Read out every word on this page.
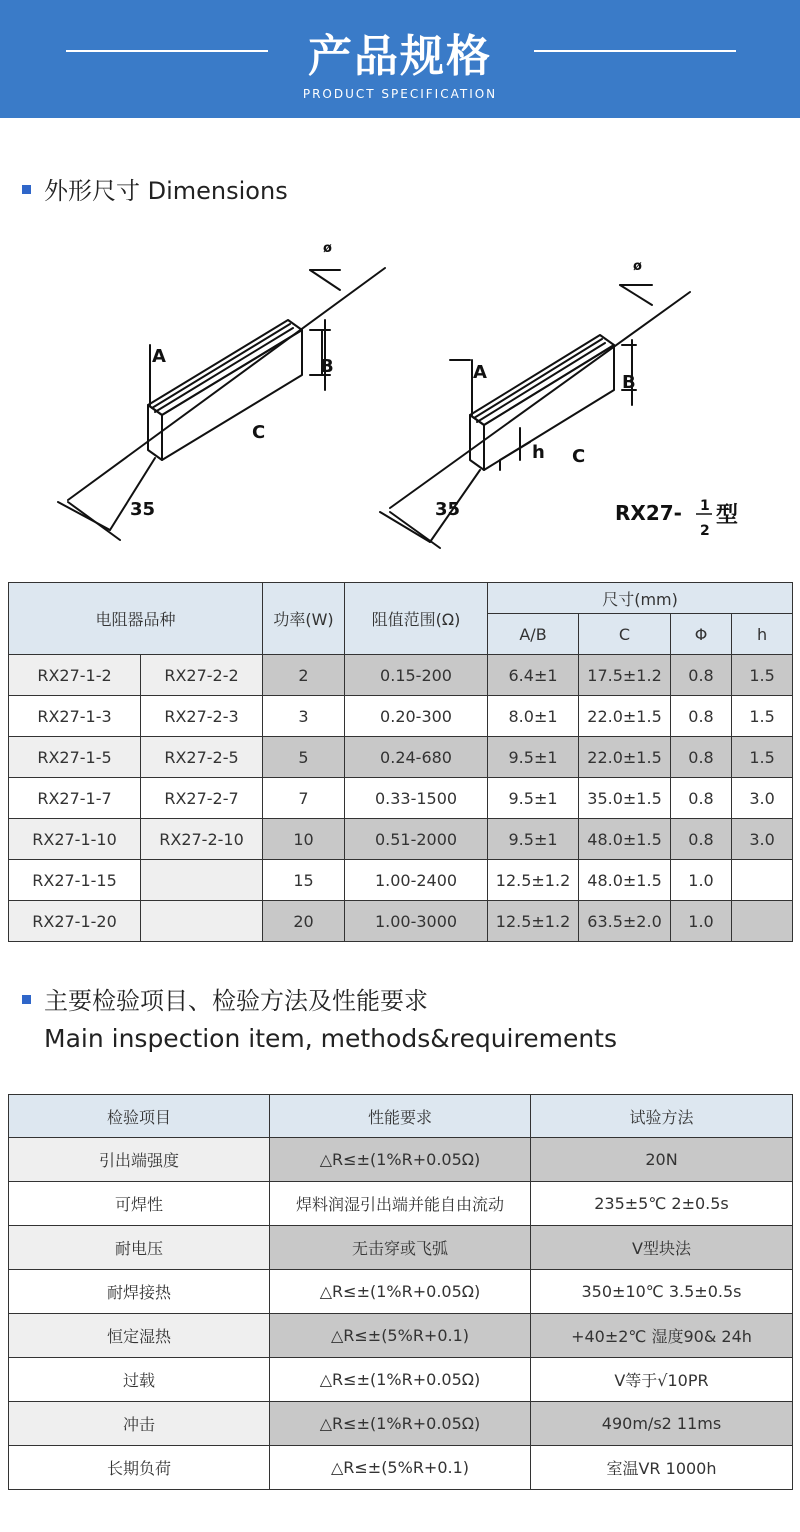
产品规格
PRODUCT SPECIFICATION
外形尺寸 Dimensions
ø
A	B
C
35
ø
A	B
C
h
35	RX27- 1
2
型
电阻器品种		功率(W)	阻值范围(Ω)	尺寸(mm)			
				A/B	C	Φ	h
RX27-1-2	RX27-2-2	2	0.15-200	6.4±1	17.5±1.2	0.8	1.5
RX27-1-3	RX27-2-3	3	0.20-300	8.0±1	22.0±1.5	0.8	1.5
RX27-1-5	RX27-2-5	5	0.24-680	9.5±1	22.0±1.5	0.8	1.5
RX27-1-7	RX27-2-7	7	0.33-1500	9.5±1	35.0±1.5	0.8	3.0
RX27-1-10	RX27-2-10	10	0.51-2000	9.5±1	48.0±1.5	0.8	3.0
RX27-1-15		15	1.00-2400	12.5±1.2	48.0±1.5	1.0	
RX27-1-20		20	1.00-3000	12.5±1.2	63.5±2.0	1.0	
主要检验项目、检验方法及性能要求
Main inspection item, methods&requirements
检验项目	性能要求	试验方法
引出端强度	△R≤±(1%R+0.05Ω)	20N
可焊性	焊料润湿引出端并能自由流动	235±5℃ 2±0.5s
耐电压	无击穿或飞弧	V型块法
耐焊接热	△R≤±(1%R+0.05Ω)	350±10℃ 3.5±0.5s
恒定湿热	△R≤±(5%R+0.1)	+40±2℃ 湿度90& 24h
过载	△R≤±(1%R+0.05Ω)	V等于√10PR
冲击	△R≤±(1%R+0.05Ω)	490m/s2 11ms
长期负荷	△R≤±(5%R+0.1)	室温VR 1000h
